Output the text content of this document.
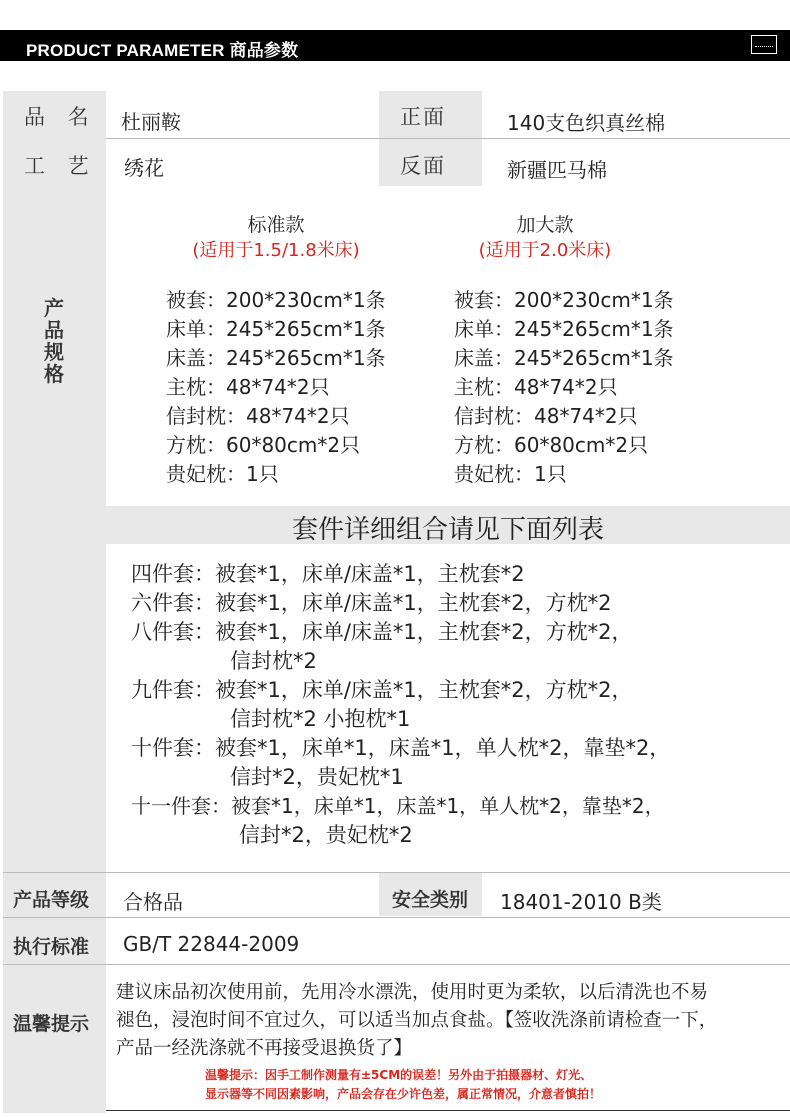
PRODUCT PARAMETER 商品参数
品 名 杜丽鞍	正面	140支色织真丝棉
工 艺 绣花	反面	新疆匹马棉
产
品
规
格
标准款
(适用于1.5/1.8米床)
被套：200*230cm*1条
床单：245*265cm*1条
床盖：245*265cm*1条
主枕：48*74*2只
信封枕：48*74*2只
方枕：60*80cm*2只
贵妃枕：1只
加大款
(适用于2.0米床)
被套：200*230cm*1条
床单：245*265cm*1条
床盖：245*265cm*1条
主枕：48*74*2只
信封枕：48*74*2只
方枕：60*80cm*2只
贵妃枕：1只
套件详细组合请见下面列表
四件套：被套*1，床单/床盖*1，主枕套*2
六件套：被套*1，床单/床盖*1，主枕套*2，方枕*2
八件套：被套*1，床单/床盖*1，主枕套*2，方枕*2，
信封枕*2
九件套：被套*1，床单/床盖*1，主枕套*2，方枕*2，
信封枕*2 小抱枕*1
十件套：被套*1，床单*1，床盖*1，单人枕*2，靠垫*2，
信封*2，贵妃枕*1
十一件套：被套*1，床单*1，床盖*1，单人枕*2，靠垫*2，
信封*2，贵妃枕*2
产品等级 合格品	安全类别 18401-2010 B类
执行标准 GB/T 22844-2009
温馨提示
建议床品初次使用前，先用冷水漂洗，使用时更为柔软，以后清洗也不易
褪色，浸泡时间不宜过久，可以适当加点食盐。【签收洗涤前请检查一下，
产品一经洗涤就不再接受退换货了】
温馨提示：因手工制作测量有±5CM的误差！另外由于拍摄器材、灯光、
显示器等不同因素影响，产品会存在少许色差，属正常情况，介意者慎拍！
